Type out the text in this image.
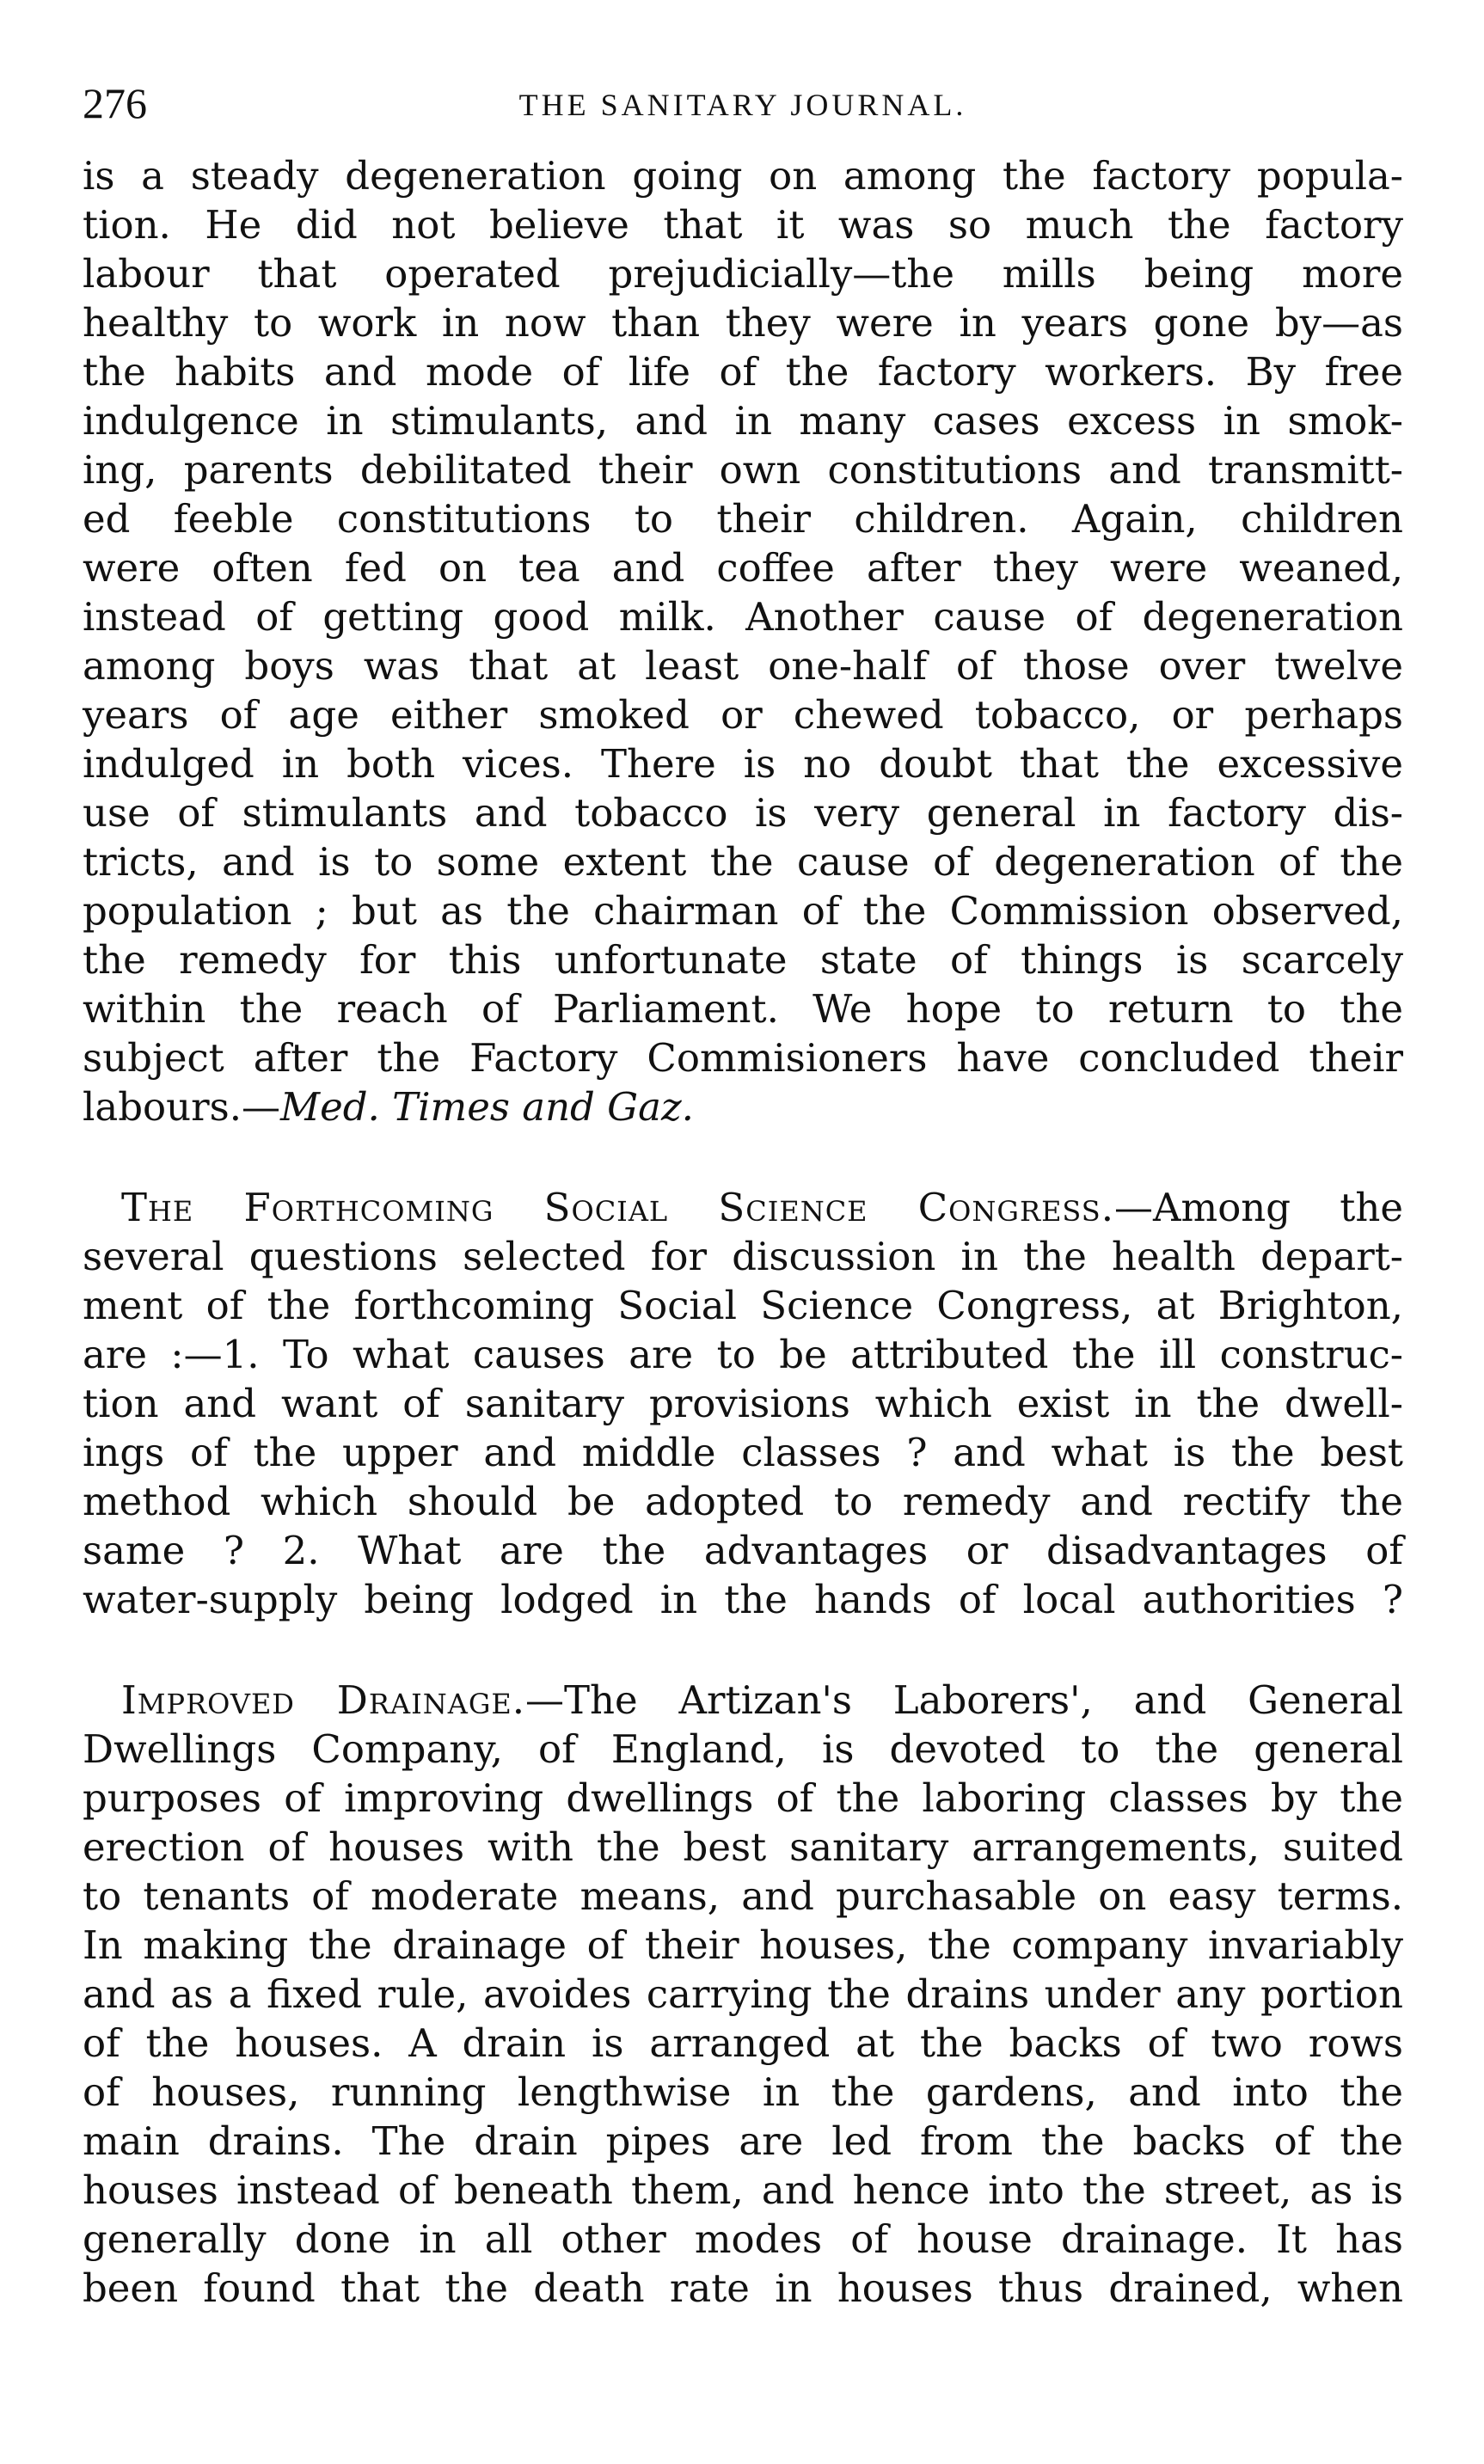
276	THE SANITARY JOURNAL.

is a steady degeneration going on among the factory popula-
tion. He did not believe that it was so much the factory
labour that operated prejudicially—the mills being more
healthy to work in now than they were in years gone by—as
the habits and mode of life of the factory workers. By free
indulgence in stimulants, and in many cases excess in smok-
ing, parents debilitated their own constitutions and transmitt-
ed feeble constitutions to their children. Again, children
were often fed on tea and coffee after they were weaned,
instead of getting good milk. Another cause of degeneration
among boys was that at least one-half of those over twelve
years of age either smoked or chewed tobacco, or perhaps
indulged in both vices. There is no doubt that the excessive
use of stimulants and tobacco is very general in factory dis-
tricts, and is to some extent the cause of degeneration of the
population ; but as the chairman of the Commission observed,
the remedy for this unfortunate state of things is scarcely
within the reach of Parliament. We hope to return to the
subject after the Factory Commisioners have concluded their
labours.—Med. Times and Gaz.

 The Forthcoming Social Science Congress.—Among the
several questions selected for discussion in the health depart-
ment of the forthcoming Social Science Congress, at Brighton,
are :—1. To what causes are to be attributed the ill construc-
tion and want of sanitary provisions which exist in the dwell-
ings of the upper and middle classes ? and what is the best
method which should be adopted to remedy and rectify the
same ? 2. What are the advantages or disadvantages of
water-supply being lodged in the hands of local authorities ?

 Improved Drainage.—The Artizan's Laborers', and General
Dwellings Company, of England, is devoted to the general
purposes of improving dwellings of the laboring classes by the
erection of houses with the best sanitary arrangements, suited
to tenants of moderate means, and purchasable on easy terms.
In making the drainage of their houses, the company invariably
and as a fixed rule, avoides carrying the drains under any portion
of the houses. A drain is arranged at the backs of two rows
of houses, running lengthwise in the gardens, and into the
main drains. The drain pipes are led from the backs of the
houses instead of beneath them, and hence into the street, as is
generally done in all other modes of house drainage. It has
been found that the death rate in houses thus drained, when
